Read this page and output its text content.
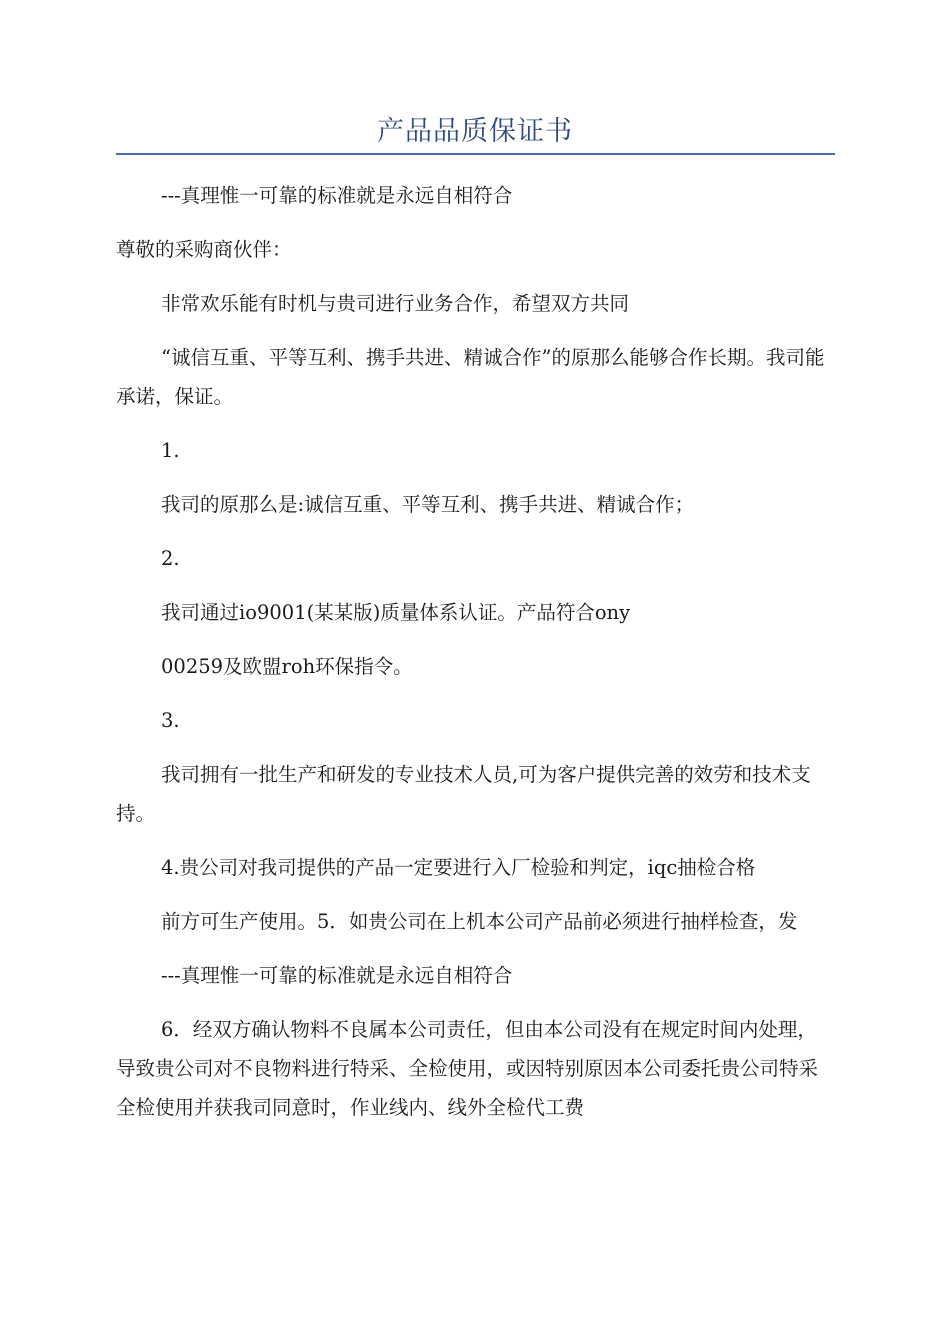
产品品质保证书

---真理惟一可靠的标准就是永远自相符合

尊敬的采购商伙伴：

非常欢乐能有时机与贵司进行业务合作，希望双方共同

“诚信互重、平等互利、携手共进、精诚合作”的原那么能够合作长期。我司能承诺，保证。

1.

我司的原那么是:诚信互重、平等互利、携手共进、精诚合作；

2.

我司通过io9001(某某版)质量体系认证。产品符合ony

00259及欧盟roh环保指令。

3.

我司拥有一批生产和研发的专业技术人员,可为客户提供完善的效劳和技术支持。

4.贵公司对我司提供的产品一定要进行入厂检验和判定，iqc抽检合格

前方可生产使用。5．如贵公司在上机本公司产品前必须进行抽样检查，发

---真理惟一可靠的标准就是永远自相符合

6．经双方确认物料不良属本公司责任，但由本公司没有在规定时间内处理，导致贵公司对不良物料进行特采、全检使用，或因特别原因本公司委托贵公司特采全检使用并获我司同意时，作业线内、线外全检代工费
